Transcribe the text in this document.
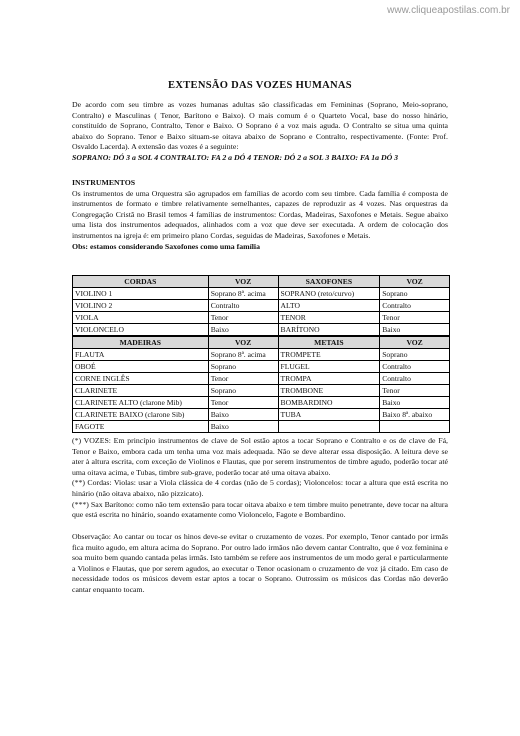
www.cliqueapostilas.com.br
EXTENSÃO DAS VOZES HUMANAS

De acordo com seu timbre as vozes humanas adultas são classificadas em Femininas (Soprano, Meio-soprano, Contralto) e Masculinas ( Tenor, Barítono e Baixo). O mais comum é o Quarteto Vocal, base do nosso hinário, constituído de Soprano, Contralto, Tenor e Baixo. O Soprano é a voz mais aguda. O Contralto se situa uma quinta abaixo do Soprano. Tenor e Baixo situam-se oitava abaixo de Soprano e Contralto, respectivamente. (Fonte: Prof. Osvaldo Lacerda). A extensão das vozes é a seguinte:

SOPRANO: DÓ 3 a SOL 4 CONTRALTO: FA 2 a DÓ 4 TENOR: DÓ 2 a SOL 3 BAIXO: FA 1a DÓ 3

INSTRUMENTOS

Os instrumentos de uma Orquestra são agrupados em famílias de acordo com seu timbre. Cada família é composta de instrumentos de formato e timbre relativamente semelhantes, capazes de reproduzir as 4 vozes. Nas orquestras da Congregação Cristã no Brasil temos 4 famílias de instrumentos: Cordas, Madeiras, Saxofones e Metais. Segue abaixo uma lista dos instrumentos adequados, alinhados com a voz que deve ser executada. A ordem de colocação dos instrumentos na igreja é: em primeiro plano Cordas, seguidas de Madeiras, Saxofones e Metais.

Obs: estamos considerando Saxofones como uma família

CORDAS	VOZ	SAXOFONES	VOZ
VIOLINO 1	Soprano 8ª. acima	SOPRANO (reto/curvo)	Soprano
VIOLINO 2	Contralto	ALTO	Contralto
VIOLA	Tenor	TENOR	Tenor
VIOLONCELO	Baixo	BARÍTONO	Baixo
MADEIRAS	VOZ	METAIS	VOZ
FLAUTA	Soprano 8ª. acima	TROMPETE	Soprano
OBOÉ	Soprano	FLUGEL	Contralto
CORNE INGLÊS	Tenor	TROMPA	Contralto
CLARINETE	Soprano	TROMBONE	Tenor
CLARINETE ALTO (clarone Mib)	Tenor	BOMBARDINO	Baixo
CLARINETE BAIXO (clarone Sib)	Baixo	TUBA	Baixo 8ª. abaixo
FAGOTE	Baixo		

(*) VOZES: Em princípio instrumentos de clave de Sol estão aptos a tocar Soprano e Contralto e os de clave de Fá, Tenor e Baixo, embora cada um tenha uma voz mais adequada. Não se deve alterar essa disposição. A leitura deve se ater à altura escrita, com exceção de Violinos e Flautas, que por serem instrumentos de timbre agudo, poderão tocar até uma oitava acima, e Tubas, timbre sub-grave, poderão tocar até uma oitava abaixo.

(**) Cordas: Violas: usar a Viola clássica de 4 cordas (não de 5 cordas); Violoncelos: tocar a altura que está escrita no hinário (não oitava abaixo, não pizzicato).

(***) Sax Barítono: como não tem extensão para tocar oitava abaixo e tem timbre muito penetrante, deve tocar na altura que está escrita no hinário, soando exatamente como Violoncelo, Fagote e Bombardino.

Observação: Ao cantar ou tocar os hinos deve-se evitar o cruzamento de vozes. Por exemplo, Tenor cantado por irmãs fica muito agudo, em altura acima do Soprano. Por outro lado irmãos não devem cantar Contralto, que é voz feminina e soa muito bem quando cantada pelas irmãs. Isto também se refere aos instrumentos de um modo geral e particularmente a Violinos e Flautas, que por serem agudos, ao executar o Tenor ocasionam o cruzamento de voz já citado. Em caso de necessidade todos os músicos devem estar aptos a tocar o Soprano. Outrossim os músicos das Cordas não deverão cantar enquanto tocam.
